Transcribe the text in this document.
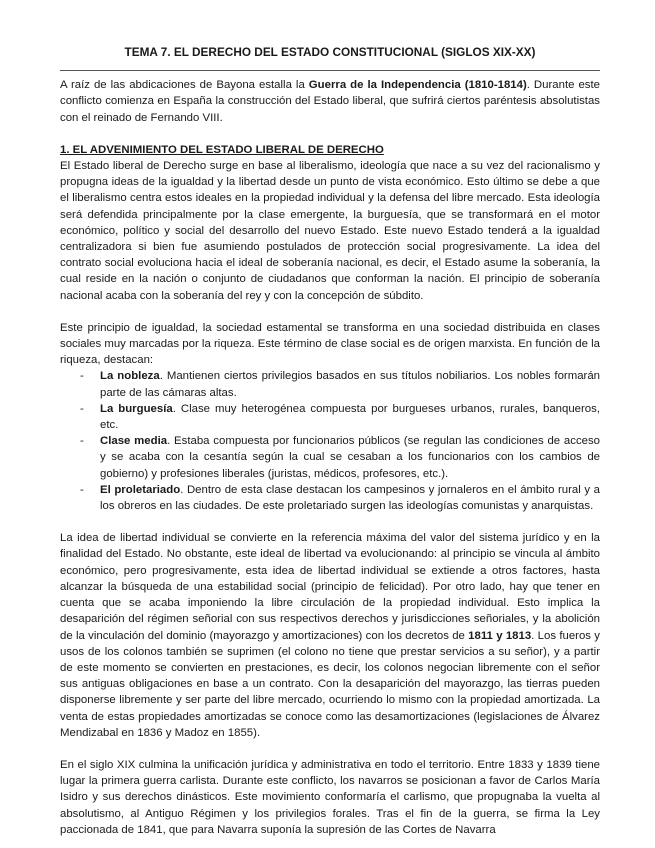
TEMA 7. EL DERECHO DEL ESTADO CONSTITUCIONAL (SIGLOS XIX-XX)

A raíz de las abdicaciones de Bayona estalla la Guerra de la Independencia (1810-1814). Durante este conflicto comienza en España la construcción del Estado liberal, que sufrirá ciertos paréntesis absolutistas con el reinado de Fernando VIII.

1. EL ADVENIMIENTO DEL ESTADO LIBERAL DE DERECHO

El Estado liberal de Derecho surge en base al liberalismo, ideología que nace a su vez del racionalismo y propugna ideas de la igualdad y la libertad desde un punto de vista económico. Esto último se debe a que el liberalismo centra estos ideales en la propiedad individual y la defensa del libre mercado. Esta ideología será defendida principalmente por la clase emergente, la burguesía, que se transformará en el motor económico, político y social del desarrollo del nuevo Estado. Este nuevo Estado tenderá a la igualdad centralizadora si bien fue asumiendo postulados de protección social progresivamente. La idea del contrato social evoluciona hacia el ideal de soberanía nacional, es decir, el Estado asume la soberanía, la cual reside en la nación o conjunto de ciudadanos que conforman la nación. El principio de soberanía nacional acaba con la soberanía del rey y con la concepción de súbdito.

Este principio de igualdad, la sociedad estamental se transforma en una sociedad distribuida en clases sociales muy marcadas por la riqueza. Este término de clase social es de origen marxista. En función de la riqueza, destacan:

- La nobleza. Mantienen ciertos privilegios basados en sus títulos nobiliarios. Los nobles formarán parte de las cámaras altas.
- La burguesía. Clase muy heterogénea compuesta por burgueses urbanos, rurales, banqueros, etc.
- Clase media. Estaba compuesta por funcionarios públicos (se regulan las condiciones de acceso y se acaba con la cesantía según la cual se cesaban a los funcionarios con los cambios de gobierno) y profesiones liberales (juristas, médicos, profesores, etc.).
- El proletariado. Dentro de esta clase destacan los campesinos y jornaleros en el ámbito rural y a los obreros en las ciudades. De este proletariado surgen las ideologías comunistas y anarquistas.

La idea de libertad individual se convierte en la referencia máxima del valor del sistema jurídico y en la finalidad del Estado. No obstante, este ideal de libertad va evolucionando: al principio se vincula al ámbito económico, pero progresivamente, esta idea de libertad individual se extiende a otros factores, hasta alcanzar la búsqueda de una estabilidad social (principio de felicidad). Por otro lado, hay que tener en cuenta que se acaba imponiendo la libre circulación de la propiedad individual. Esto implica la desaparición del régimen señorial con sus respectivos derechos y jurisdicciones señoriales, y la abolición de la vinculación del dominio (mayorazgo y amortizaciones) con los decretos de 1811 y 1813. Los fueros y usos de los colonos también se suprimen (el colono no tiene que prestar servicios a su señor), y a partir de este momento se convierten en prestaciones, es decir, los colonos negocian libremente con el señor sus antiguas obligaciones en base a un contrato. Con la desaparición del mayorazgo, las tierras pueden disponerse libremente y ser parte del libre mercado, ocurriendo lo mismo con la propiedad amortizada. La venta de estas propiedades amortizadas se conoce como las desamortizaciones (legislaciones de Álvarez Mendizabal en 1836 y Madoz en 1855).

En el siglo XIX culmina la unificación jurídica y administrativa en todo el territorio. Entre 1833 y 1839 tiene lugar la primera guerra carlista. Durante este conflicto, los navarros se posicionan a favor de Carlos María Isidro y sus derechos dinásticos. Este movimiento conformaría el carlismo, que propugnaba la vuelta al absolutismo, al Antiguo Régimen y los privilegios forales. Tras el fin de la guerra, se firma la Ley paccionada de 1841, que para Navarra suponía la supresión de las Cortes de Navarra
